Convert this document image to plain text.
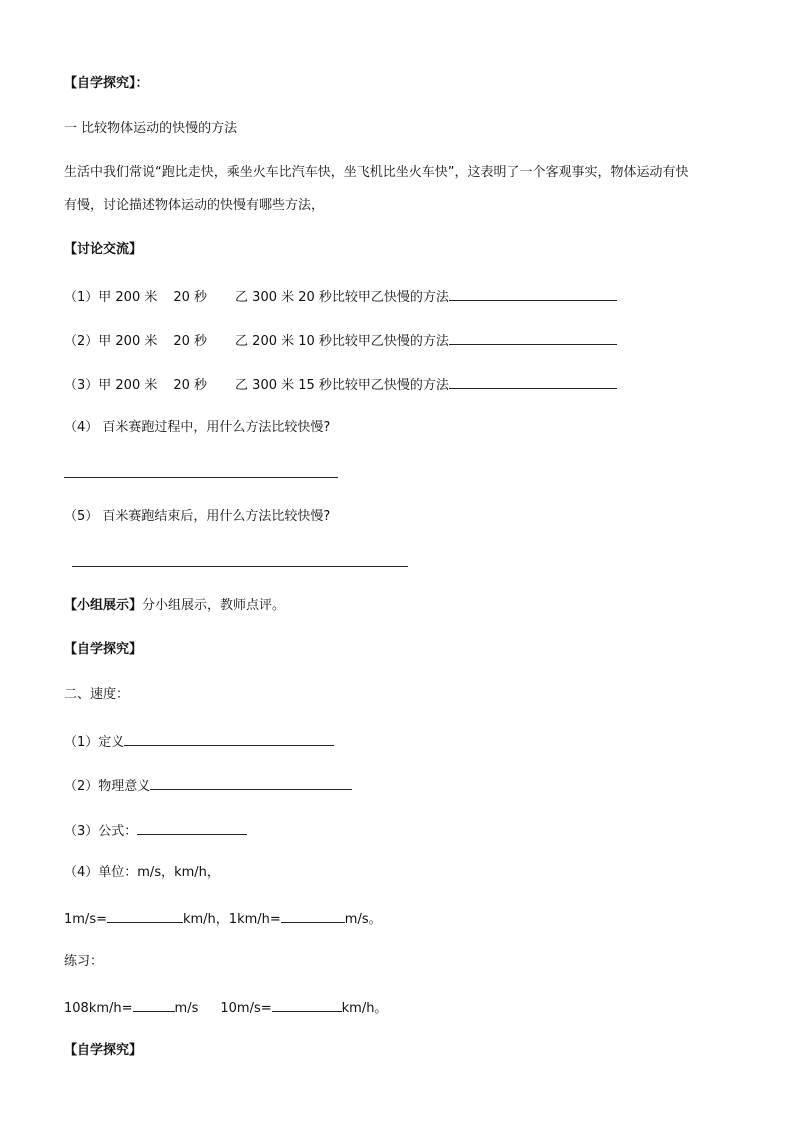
【自学探究】：
一 比较物体运动的快慢的方法
生活中我们常说“跑比走快，乘坐火车比汽车快，坐飞机比坐火车快”，这表明了一个客观事实，物体运动有快
有慢，讨论描述物体运动的快慢有哪些方法，
【讨论交流】
（1）甲 200 米 20 秒 乙 300 米 20 秒比较甲乙快慢的方法
（2）甲 200 米 20 秒 乙 200 米 10 秒比较甲乙快慢的方法
（3）甲 200 米 20 秒 乙 300 米 15 秒比较甲乙快慢的方法
（4） 百米赛跑过程中，用什么方法比较快慢?
（5） 百米赛跑结束后，用什么方法比较快慢?
【小组展示】分小组展示，教师点评。
【自学探究】
二、速度：
（1）定义
（2）物理意义
（3）公式：
（4）单位：m/s，km/h，
1m/s=	km/h，1km/h=	m/s。
练习：
108km/h=	m/s 10m/s=	km/h。
【自学探究】
